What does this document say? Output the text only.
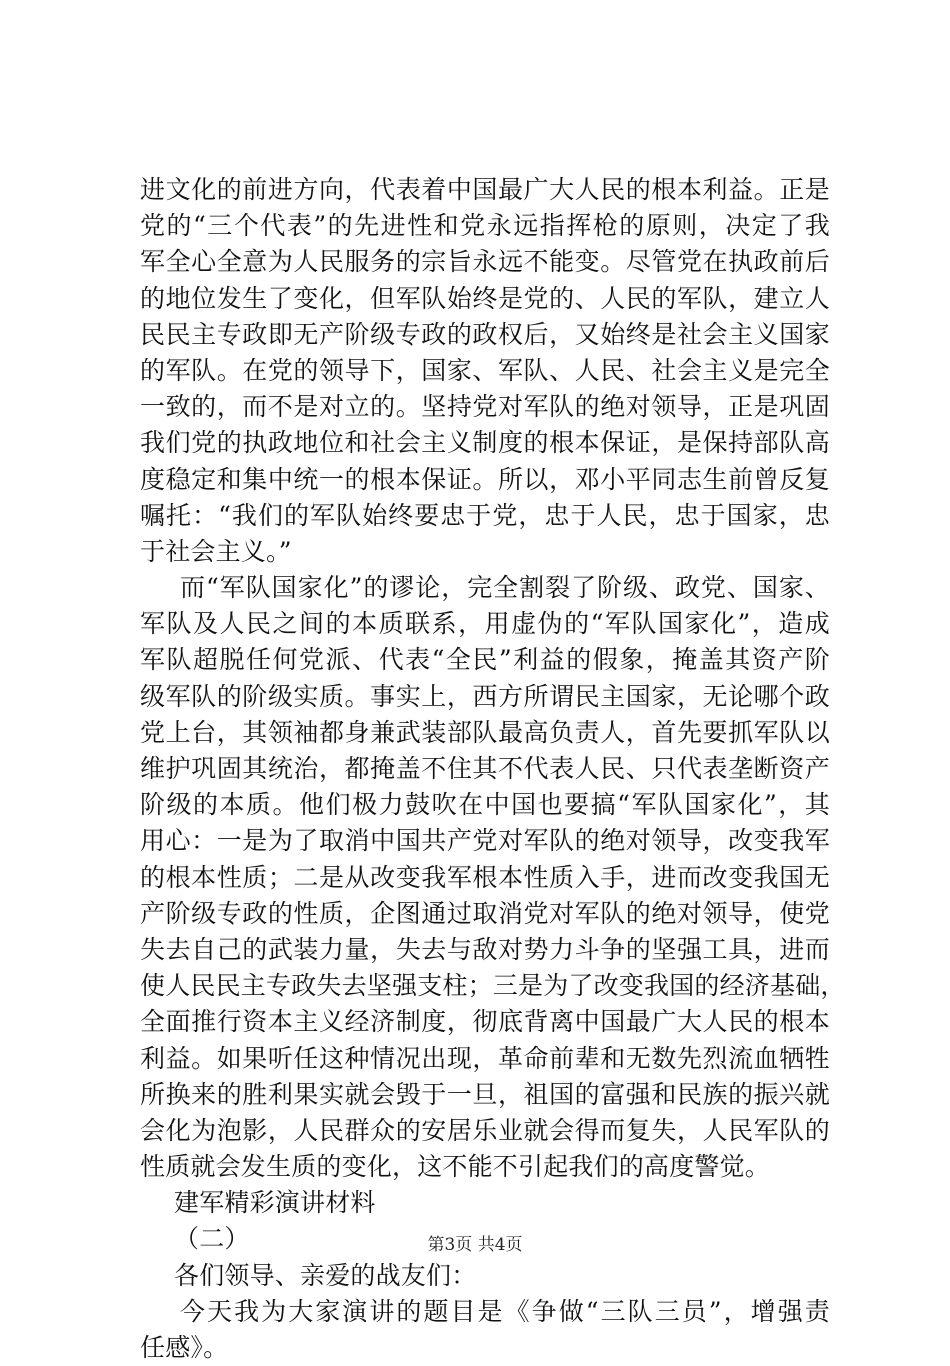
进文化的前进方向，代表着中国最广大人民的根本利益。正是
党的“三个代表”的先进性和党永远指挥枪的原则，决定了我
军全心全意为人民服务的宗旨永远不能变。尽管党在执政前后
的地位发生了变化，但军队始终是党的、人民的军队，建立人
民民主专政即无产阶级专政的政权后，又始终是社会主义国家
的军队。在党的领导下，国家、军队、人民、社会主义是完全
一致的，而不是对立的。坚持党对军队的绝对领导，正是巩固
我们党的执政地位和社会主义制度的根本保证，是保持部队高
度稳定和集中统一的根本保证。所以，邓小平同志生前曾反复
嘱托：“我们的军队始终要忠于党，忠于人民，忠于国家，忠
于社会主义。”
而“军队国家化”的谬论，完全割裂了阶级、政党、国家、
军队及人民之间的本质联系，用虚伪的“军队国家化”，造成
军队超脱任何党派、代表“全民”利益的假象，掩盖其资产阶
级军队的阶级实质。事实上，西方所谓民主国家，无论哪个政
党上台，其领袖都身兼武装部队最高负责人，首先要抓军队以
维护巩固其统治，都掩盖不住其不代表人民、只代表垄断资产
阶级的本质。他们极力鼓吹在中国也要搞“军队国家化”，其
用心：一是为了取消中国共产党对军队的绝对领导，改变我军
的根本性质；二是从改变我军根本性质入手，进而改变我国无
产阶级专政的性质，企图通过取消党对军队的绝对领导，使党
失去自己的武装力量，失去与敌对势力斗争的坚强工具，进而
使人民民主专政失去坚强支柱；三是为了改变我国的经济基础，
全面推行资本主义经济制度，彻底背离中国最广大人民的根本
利益。如果听任这种情况出现，革命前辈和无数先烈流血牺牲
所换来的胜利果实就会毁于一旦，祖国的富强和民族的振兴就
会化为泡影，人民群众的安居乐业就会得而复失，人民军队的
性质就会发生质的变化，这不能不引起我们的高度警觉。
建军精彩演讲材料
（二）
各们领导、亲爱的战友们：
今天我为大家演讲的题目是《争做“三队三员”，增强责
任感》。
第3页 共4页
